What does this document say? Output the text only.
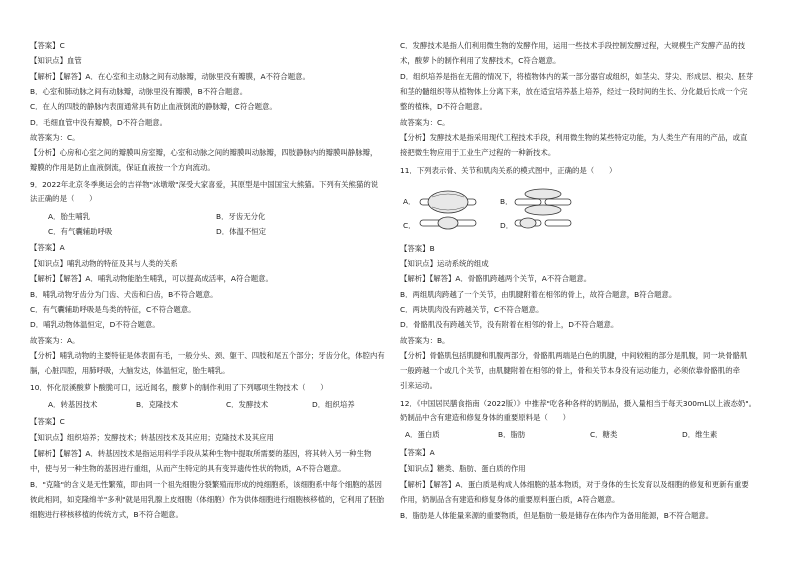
【答案】C
【知识点】血管
【解析】【解答】A．在心室和主动脉之间有动脉瓣，动脉里没有瓣膜，A不符合题意。
B．心室和肺动脉之间有动脉瓣，动脉里没有瓣膜，B不符合题意。
C．在人的四肢的静脉内表面通常具有防止血液倒流的静脉瓣，C符合题意。
D．毛细血管中没有瓣膜，D不符合题意。
故答案为：C。
【分析】心房和心室之间的瓣膜叫房室瓣，心室和动脉之间的瓣膜叫动脉瓣，四肢静脉内的瓣膜叫静脉瓣，
瓣膜的作用是防止血液倒流，保证血液按一个方向流动。
9．2022年北京冬季奥运会的吉祥物"冰墩墩"深受大家喜爱，其原型是中国国宝大熊猫。下列有关熊猫的说
法正确的是（　　）
A．胎生哺乳	B．牙齿无分化
C．有气囊辅助呼吸	D．体温不恒定
【答案】A
【知识点】哺乳动物的特征及其与人类的关系
【解析】【解答】A．哺乳动物能胎生哺乳，可以提高成活率，A符合题意。
B．哺乳动物牙齿分为门齿、犬齿和臼齿，B不符合题意。
C．有气囊辅助呼吸是鸟类的特征，C不符合题意。
D．哺乳动物体温恒定，D不符合题意。
故答案为：A。
【分析】哺乳动物的主要特征是体表面有毛，一般分头、颈、躯干、四肢和尾五个部分；牙齿分化，体腔内有
膈，心脏四腔，用肺呼吸，大脑发达，体温恒定，胎生哺乳。
10．怀化辰溪酸萝卜酸脆可口，远近闻名，酸萝卜的制作利用了下列哪项生物技术（　　）
A．转基因技术	B．克隆技术	C．发酵技术	D．组织培养
【答案】C
【知识点】组织培养；发酵技术；转基因技术及其应用；克隆技术及其应用
【解析】【解答】A．转基因技术是指运用科学手段从某种生物中提取所需要的基因，将其转入另一种生物
中，使与另一种生物的基因进行重组，从而产生特定的具有变异遗传性状的物质，A不符合题意。
B．"克隆"的含义是无性繁殖，即由同一个祖先细胞分裂繁殖而形成的纯细胞系，该细胞系中每个细胞的基因
彼此相同，如克隆绵羊"多利"就是用乳腺上皮细胞（体细胞）作为供体细胞进行细胞核移植的，它利用了胚胎
细胞进行移核移植的传统方式，B不符合题意。
C．发酵技术是指人们利用微生物的发酵作用，运用一些技术手段控制发酵过程，大规模生产发酵产品的技
术，酸萝卜的制作利用了发酵技术，C符合题意。
D．组织培养是指在无菌的情况下，将植物体内的某一部分器官或组织，如茎尖、芽尖、形成层、根尖、胚芽
和茎的髓组织等从植物体上分离下来，放在适宜培养基上培养，经过一段时间的生长、分化最后长成一个完
整的植株，D不符合题意。
故答案为：C。
【分析】发酵技术是指采用现代工程技术手段，利用微生物的某些特定功能，为人类生产有用的产品，或直
接把微生物应用于工业生产过程的一种新技术。
11．下列表示骨、关节和肌肉关系的模式图中，正确的是（　　）
A．	B．
C．	D．
【答案】B
【知识点】运动系统的组成
【解析】【解答】A．骨骼肌跨越两个关节，A不符合题意。
B．两组肌肉跨越了一个关节，由肌腱附着在相邻的骨上，故符合题意，B符合题意。
C．两块肌肉没有跨越关节，C不符合题意。
D．骨骼肌没有跨越关节，没有附着在相邻的骨上，D不符合题意。
故答案为：B。
【分析】骨骼肌包括肌腱和肌腹两部分，骨骼肌两端是白色的肌腱，中间较粗的部分是肌腹，同一块骨骼肌
一般跨越一个或几个关节，由肌腱附着在相邻的骨上，骨和关节本身没有运动能力，必须依靠骨骼肌的牵
引来运动。
12．《中国居民膳食指南（2022版）》中推荐"吃各种各样的奶制品，摄入量相当于每天300mL以上液态奶"。
奶制品中含有建造和修复身体的重要原料是（　　）
A．蛋白质	B．脂肪	C．糖类	D．维生素
【答案】A
【知识点】糖类、脂肪、蛋白质的作用
【解析】【解答】A．蛋白质是构成人体细胞的基本物质，对于身体的生长发育以及细胞的修复和更新有重要
作用，奶制品含有建造和修复身体的重要原料蛋白质，A符合题意。
B．脂肪是人体能量来源的重要物质，但是脂肪一般是储存在体内作为备用能源，B不符合题意。
